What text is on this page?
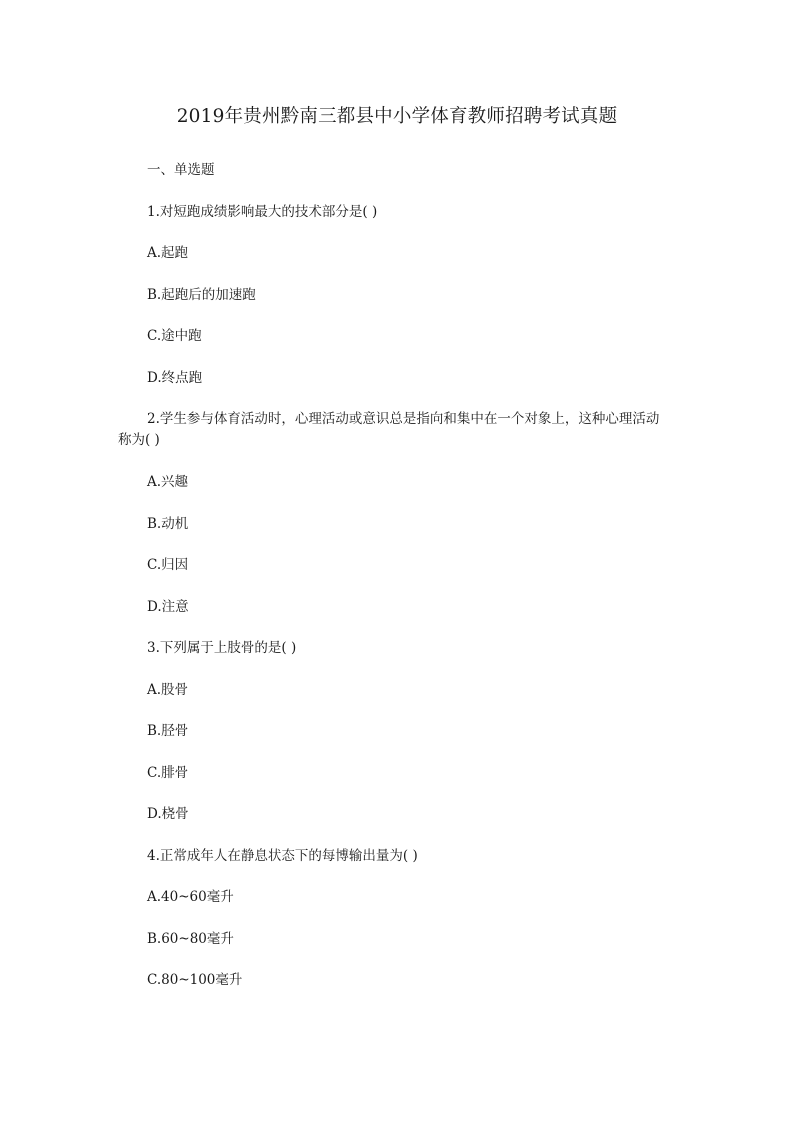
2019年贵州黔南三都县中小学体育教师招聘考试真题
一、单选题
1.对短跑成绩影响最大的技术部分是( )
A.起跑
B.起跑后的加速跑
C.途中跑
D.终点跑
2.学生参与体育活动时，心理活动或意识总是指向和集中在一个对象上，这种心理活动称为( )
A.兴趣
B.动机
C.归因
D.注意
3.下列属于上肢骨的是( )
A.股骨
B.胫骨
C.腓骨
D.桡骨
4.正常成年人在静息状态下的每博输出量为( )
A.40~60毫升
B.60~80毫升
C.80~100毫升
